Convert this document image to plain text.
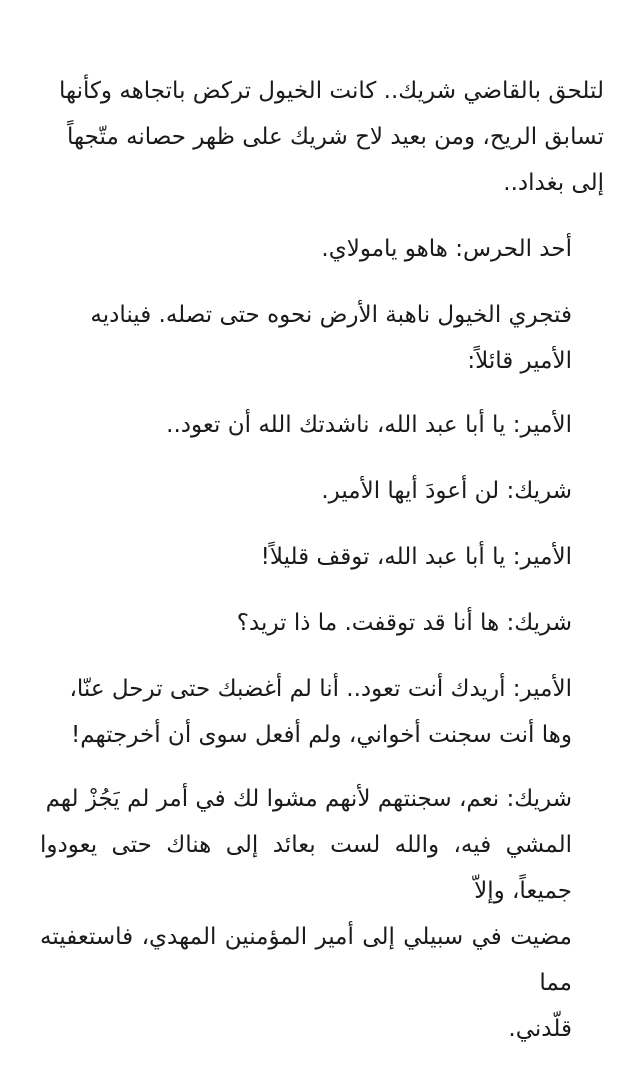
لتلحق بالقاضي شريك.. كانت الخيول تركض باتجاهه وكأنها
تسابق الريح، ومن بعيد لاح شريك على ظهر حصانه متّجهاً
إلى بغداد..

أحد الحرس: هاهو يامولاي.

فتجري الخيول ناهبة الأرض نحوه حتى تصله. فيناديه
الأمير قائلاً:

الأمير: يا أبا عبد الله، ناشدتك الله أن تعود..

شريك: لن أعودَ أيها الأمير.

الأمير: يا أبا عبد الله، توقف قليلاً!

شريك: ها أنا قد توقفت. ما ذا تريد؟

الأمير: أريدك أنت تعود.. أنا لم أغضبك حتى ترحل عنّا،
وها أنت سجنت أخواني، ولم أفعل سوى أن أخرجتهم!

شريك: نعم، سجنتهم لأنهم مشوا لك في أمر لم يَجُزْ لهم
المشي فيه، والله لست بعائد إلى هناك حتى يعودوا جميعاً، وإلاّ
مضيت في سبيلي إلى أمير المؤمنين المهدي، فاستعفيته مما
قلّدني.
